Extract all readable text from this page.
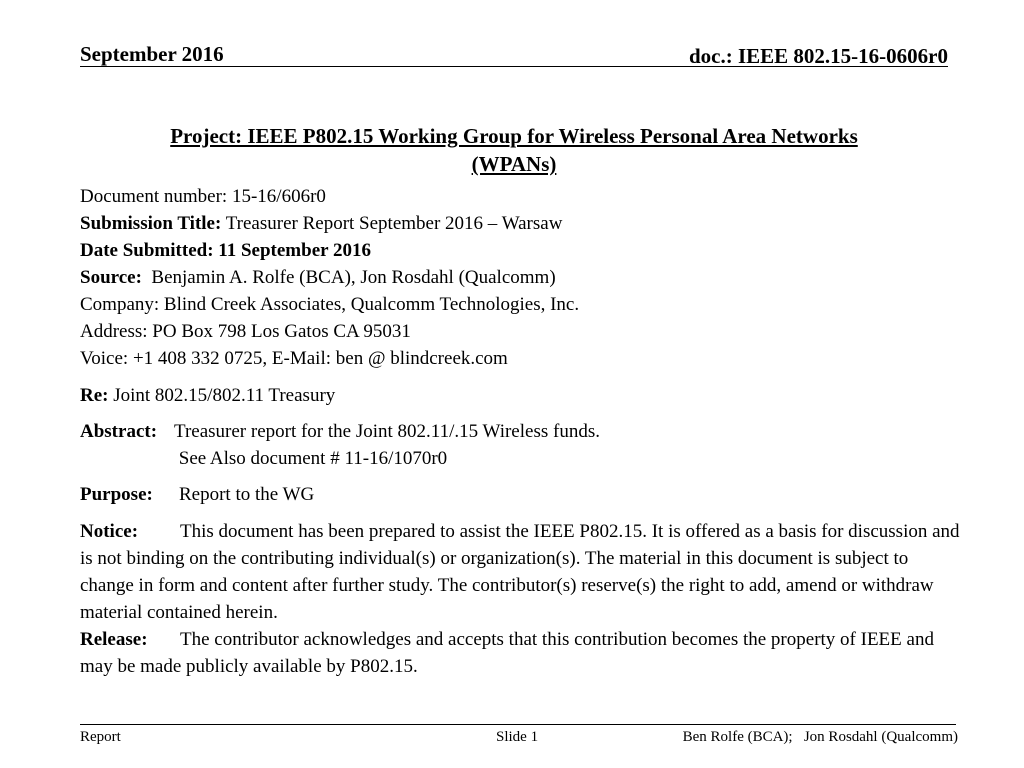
September 2016	doc.: IEEE 802.15-16-0606r0
Project: IEEE P802.15 Working Group for Wireless Personal Area Networks
(WPANs)
Document number: 15-16/606r0
Submission Title: Treasurer Report September 2016 – Warsaw
Date Submitted: 11 September 2016
Source:  Benjamin A. Rolfe (BCA), Jon Rosdahl (Qualcomm)
Company: Blind Creek Associates, Qualcomm Technologies, Inc.
Address: PO Box 798 Los Gatos CA 95031
Voice: +1 408 332 0725, E-Mail: ben @ blindcreek.com
Re: Joint 802.15/802.11 Treasury
Abstract: Treasurer report for the Joint 802.11/.15 Wireless funds.
See Also document # 11-16/1070r0
Purpose:	Report to the WG
Notice: This document has been prepared to assist the IEEE P802.15. It is offered as a basis for discussion and is not binding on the contributing individual(s) or organization(s). The material in this document is subject to change in form and content after further study. The contributor(s) reserve(s) the right to add, amend or withdraw material contained herein.
Release: The contributor acknowledges and accepts that this contribution becomes the property of IEEE and may be made publicly available by P802.15.
Report	Slide 1	Ben Rolfe (BCA);   Jon Rosdahl (Qualcomm)
